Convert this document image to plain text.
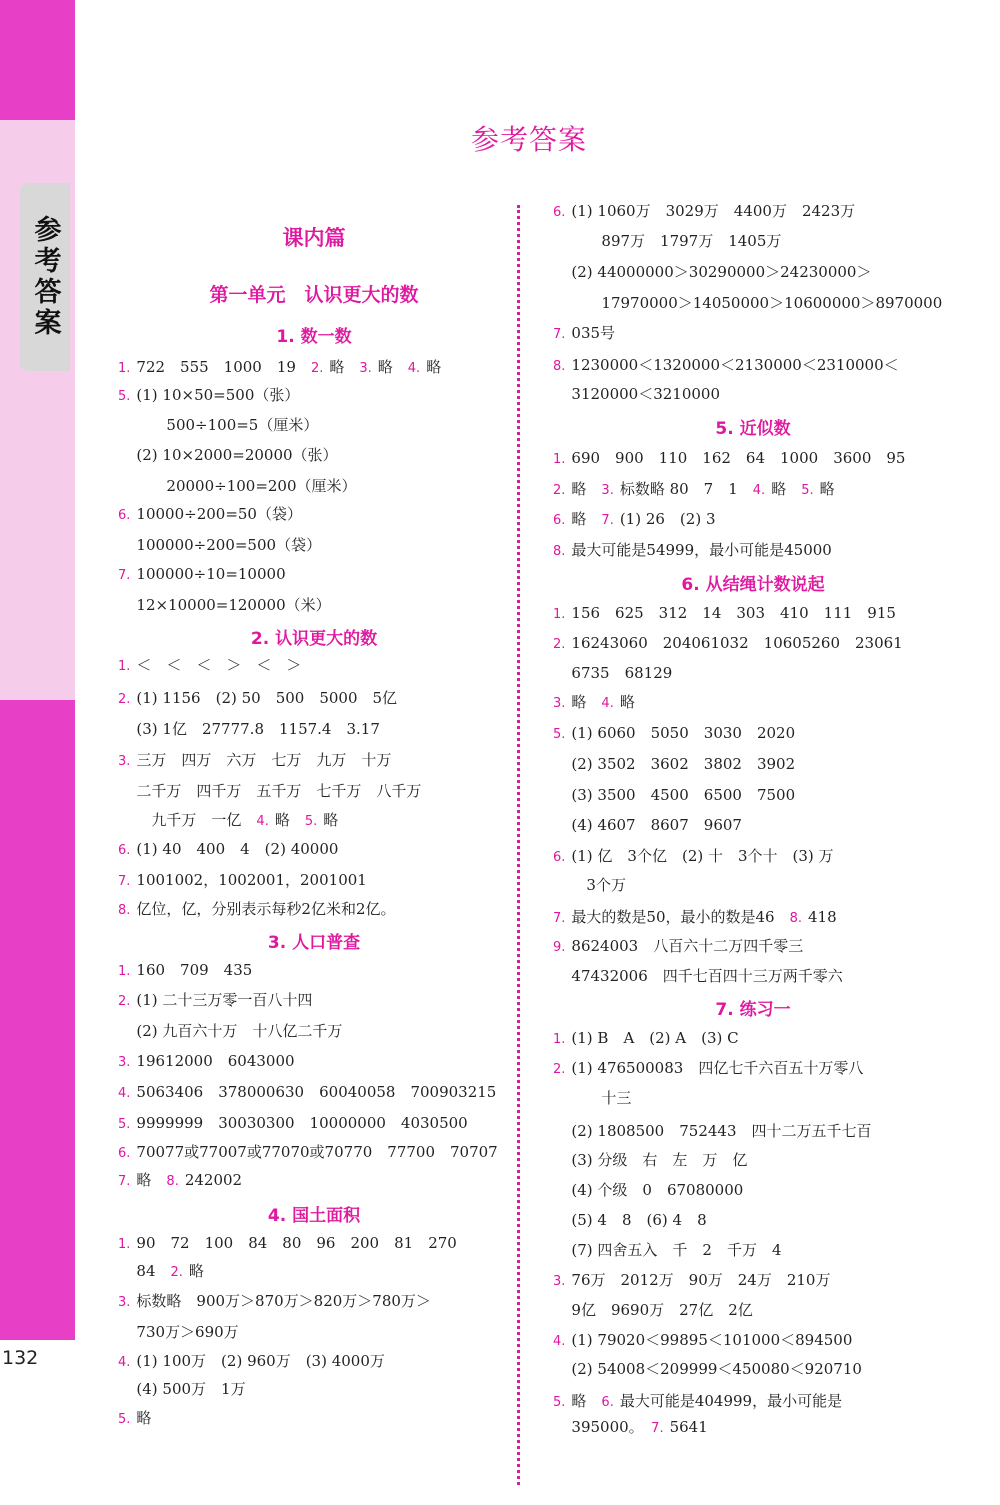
参考答案
132
参考答案
课内篇
第一单元　认识更大的数
1. 数一数
1. 722　555　1000　19　2. 略　3. 略　4. 略
5. (1) 10×50=500（张）
　　500÷100=5（厘米）
(2) 10×2000=20000（张）
　　20000÷100=200（厘米）
6. 10000÷200=50（袋）
100000÷200=500（袋）
7. 100000÷10=10000
12×10000=120000（米）
2. 认识更大的数
1. ＜　＜　＜　＞　＜　＞
2. (1) 1156　(2) 50　500　5000　5亿
(3) 1亿　27777.8　1157.4　3.17
3. 三万　四万　六万　七万　九万　十万
二千万　四千万　五千万　七千万　八千万
　九千万　一亿　4. 略　5. 略
6. (1) 40　400　4　(2) 40000
7. 1001002，1002001，2001001
8. 亿位，亿，分别表示每秒2亿米和2亿。
3. 人口普查
1. 160　709　435
2. (1) 二十三万零一百八十四
(2) 九百六十万　十八亿二千万
3. 19612000　6043000
4. 5063406　378000630　60040058　700903215
5. 9999999　30030300　10000000　4030500
6. 70077或77007或77070或70770　77700　70707
7. 略　8. 242002
4. 国土面积
1. 90　72　100　84　80　96　200　81　270
84　2. 略
3. 标数略　900万＞870万＞820万＞780万＞
730万＞690万
4. (1) 100万　(2) 960万　(3) 4000万
(4) 500万　1万
5. 略
6. (1) 1060万　3029万　4400万　2423万
　　897万　1797万　1405万
(2) 44000000＞30290000＞24230000＞
　　17970000＞14050000＞10600000＞8970000
7. 035号
8. 1230000＜1320000＜2130000＜2310000＜
3120000＜3210000
5. 近似数
1. 690　900　110　162　64　1000　3600　95
2. 略　3. 标数略 80　7　1　4. 略　5. 略
6. 略　7. (1) 26　(2) 3
8. 最大可能是54999，最小可能是45000
6. 从结绳计数说起
1. 156　625　312　14　303　410　111　915
2. 16243060　204061032　10605260　23061
6735　68129
3. 略　4. 略
5. (1) 6060　5050　3030　2020
(2) 3502　3602　3802　3902
(3) 3500　4500　6500　7500
(4) 4607　8607　9607
6. (1) 亿　3个亿　(2) 十　3个十　(3) 万
　3个万
7. 最大的数是50，最小的数是46　8. 418
9. 8624003　八百六十二万四千零三
47432006　四千七百四十三万两千零六
7. 练习一
1. (1) B　A　(2) A　(3) C
2. (1) 476500083　四亿七千六百五十万零八
　　十三
(2) 1808500　752443　四十二万五千七百
(3) 分级　右　左　万　亿
(4) 个级　0　67080000
(5) 4　8　(6) 4　8
(7) 四舍五入　千　2　千万　4
3. 76万　2012万　90万　24万　210万
9亿　9690万　27亿　2亿
4. (1) 79020＜99895＜101000＜894500
(2) 54008＜209999＜450080＜920710
5. 略　6. 最大可能是404999，最小可能是
395000。　7. 5641
